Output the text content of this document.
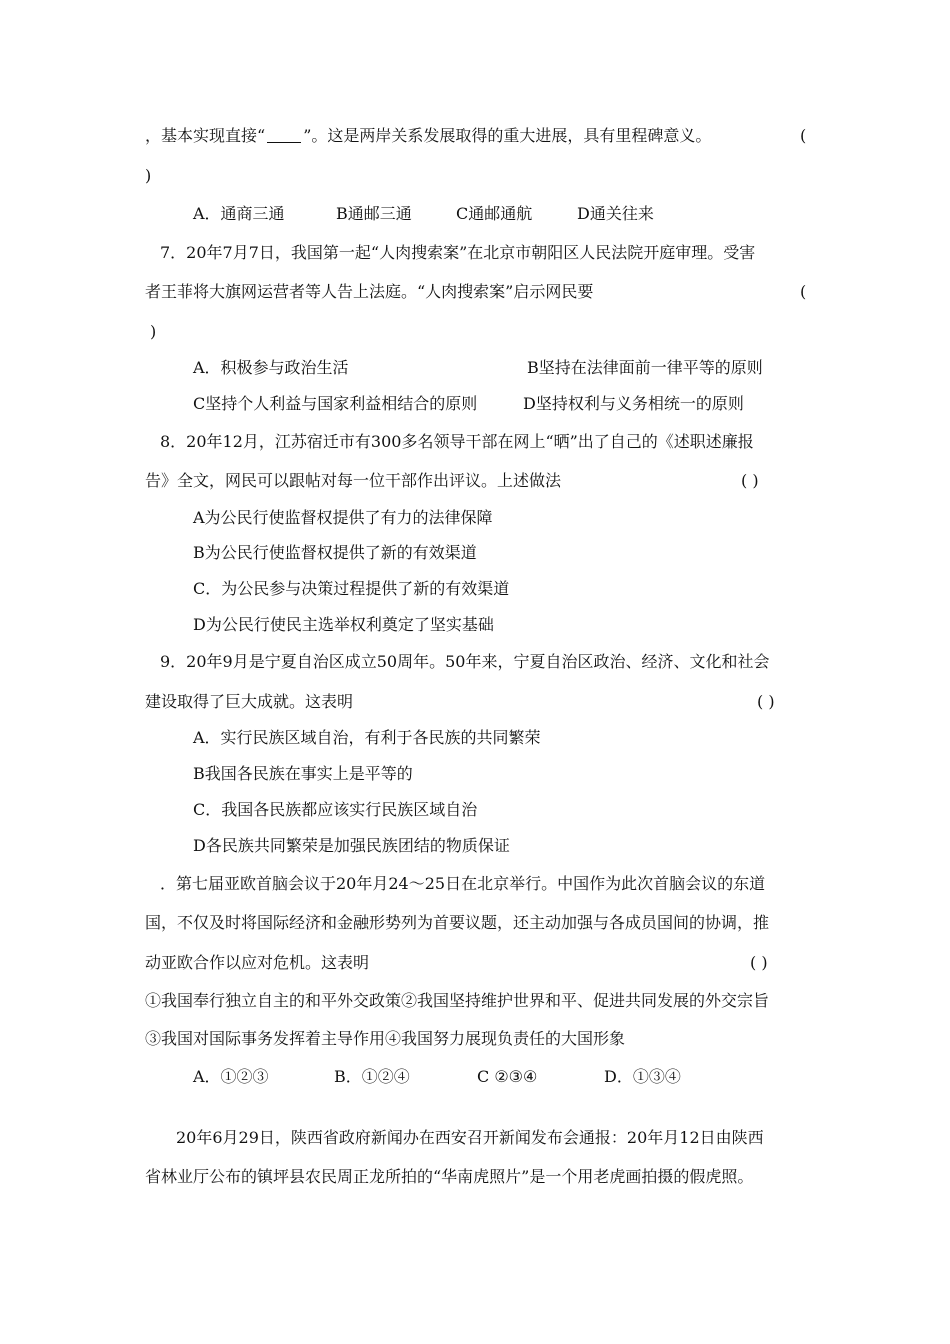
，基本实现直接“ ”。这是两岸关系发展取得的重大进展，具有里程碑意义。	(
)
A．通商三通	B通邮三通	C通邮通航	D通关往来
7．20年7月7日，我国第一起“人肉搜索案”在北京市朝阳区人民法院开庭审理。受害
者王菲将大旗网运营者等人告上法庭。“人肉搜索案”启示网民要	(
)
A．积极参与政治生活	B坚持在法律面前一律平等的原则
C坚持个人利益与国家利益相结合的原则	D坚持权利与义务相统一的原则
8．20年12月，江苏宿迁市有300多名领导干部在网上“晒”出了自己的《述职述廉报
告》全文，网民可以跟帖对每一位干部作出评议。上述做法	( )
A为公民行使监督权提供了有力的法律保障
B为公民行使监督权提供了新的有效渠道
C．为公民参与决策过程提供了新的有效渠道
D为公民行使民主选举权利奠定了坚实基础
9．20年9月是宁夏自治区成立50周年。50年来，宁夏自治区政治、经济、文化和社会
建设取得了巨大成就。这表明	( )
A．实行民族区域自治，有利于各民族的共同繁荣
B我国各民族在事实上是平等的
C．我国各民族都应该实行民族区域自治
D各民族共同繁荣是加强民族团结的物质保证
．第七届亚欧首脑会议于20年月24～25日在北京举行。中国作为此次首脑会议的东道
国，不仅及时将国际经济和金融形势列为首要议题，还主动加强与各成员国间的协调，推
动亚欧合作以应对危机。这表明	( )
①我国奉行独立自主的和平外交政策②我国坚持维护世界和平、促进共同发展的外交宗旨
③我国对国际事务发挥着主导作用④我国努力展现负责任的大国形象
A．①②③	B．①②④	C ②③④	D．①③④
20年6月29日，陕西省政府新闻办在西安召开新闻发布会通报：20年月12日由陕西
省林业厅公布的镇坪县农民周正龙所拍的“华南虎照片”是一个用老虎画拍摄的假虎照。
